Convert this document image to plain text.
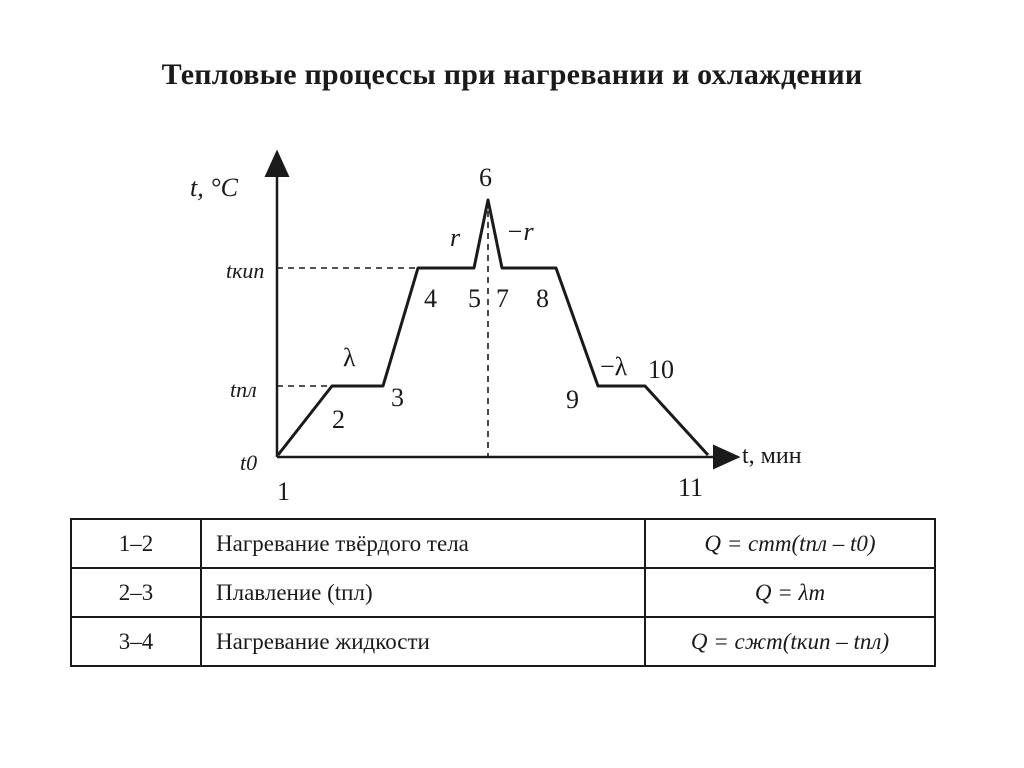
Тепловые процессы при нагревании и охлаждении
t, °C
t, мин
tкип
tпл
t0
1
2
3
4 5
6
7 8
9
10
11
λ
r −r
−λ
1–2	Нагревание твёрдого тела	Q = cтm(tпл – t0)
2–3	Плавление (tпл)	Q = λm
3–4	Нагревание жидкости	Q = cжm(tкип – tпл)
